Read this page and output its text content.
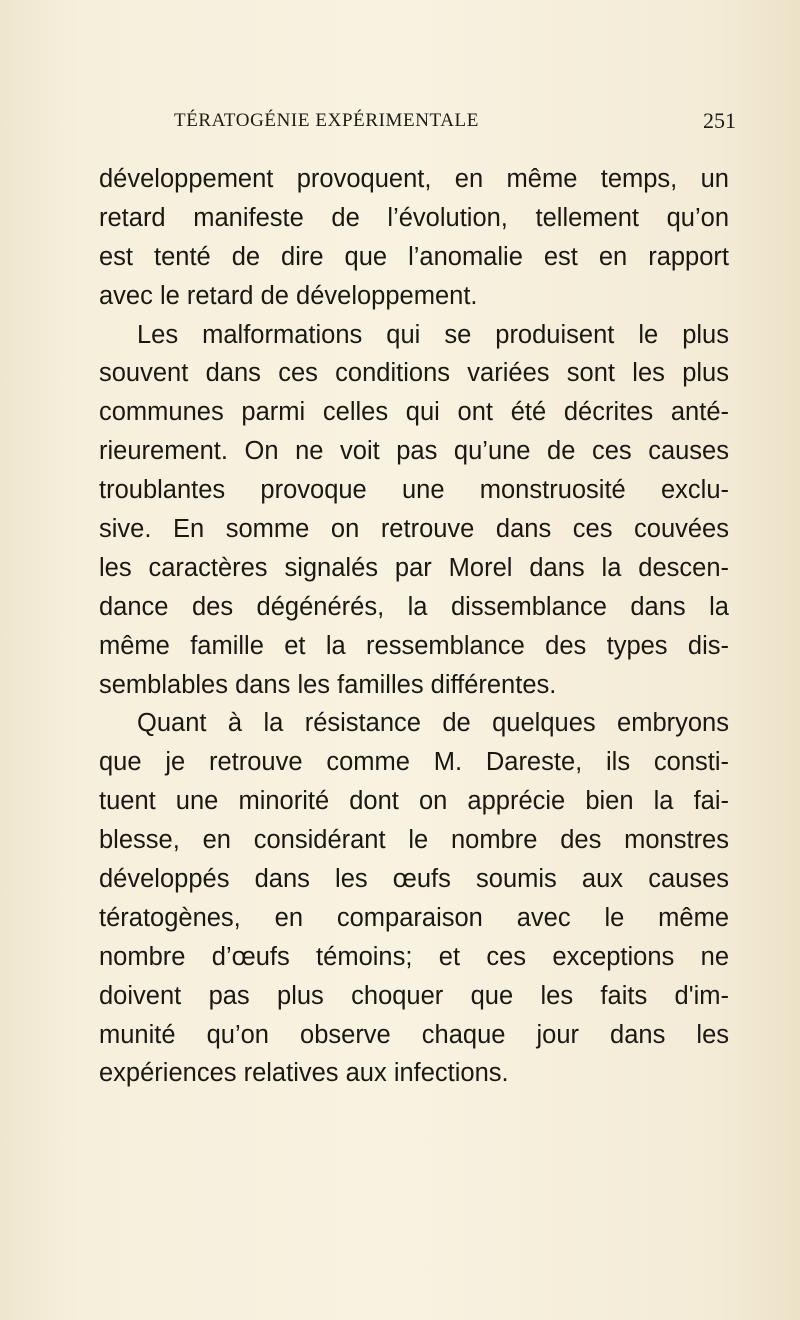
TÉRATOGÉNIE EXPÉRIMENTALE	251
développement provoquent, en même temps, un
retard manifeste de l’évolution, tellement qu’on
est tenté de dire que l’anomalie est en rapport
avec le retard de développement.
Les malformations qui se produisent le plus
souvent dans ces conditions variées sont les plus
communes parmi celles qui ont été décrites anté-
rieurement. On ne voit pas qu’une de ces causes
troublantes provoque une monstruosité exclu-
sive. En somme on retrouve dans ces couvées
les caractères signalés par Morel dans la descen-
dance des dégénérés, la dissemblance dans la
même famille et la ressemblance des types dis-
semblables dans les familles différentes.
Quant à la résistance de quelques embryons
que je retrouve comme M. Dareste, ils consti-
tuent une minorité dont on apprécie bien la fai-
blesse, en considérant le nombre des monstres
développés dans les œufs soumis aux causes
tératogènes, en comparaison avec le même
nombre d’œufs témoins; et ces exceptions ne
doivent pas plus choquer que les faits d'im-
munité qu’on observe chaque jour dans les
expériences relatives aux infections.
